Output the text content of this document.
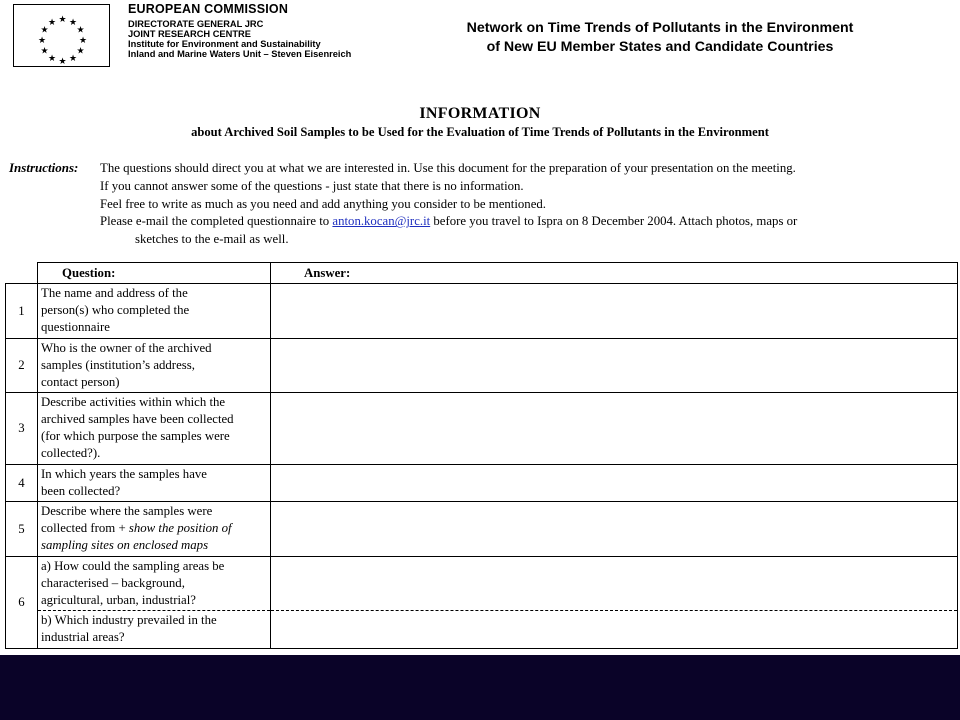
★ ★
★
★
★
★
★
★
★
★
★
★
EUROPEAN COMMISSION
DIRECTORATE GENERAL JRC
JOINT RESEARCH CENTRE
Institute for Environment and Sustainability
Inland and Marine Waters Unit – Steven Eisenreich
Network on Time Trends of Pollutants in the Environment
of New EU Member States and Candidate Countries
INFORMATION
about Archived Soil Samples to be Used for the Evaluation of Time Trends of Pollutants in the Environment
Instructions: The questions should direct you at what we are interested in. Use this document for the preparation of your presentation on the meeting.
If you cannot answer some of the questions - just state that there is no information.
Feel free to write as much as you need and add anything you consider to be mentioned.
Please e-mail the completed questionnaire to anton.kocan@jrc.it before you travel to Ispra on 8 December 2004. Attach photos, maps or
sketches to the e-mail as well.
	Question:	Answer:
1	The name and address of the
person(s) who completed the
questionnaire	

2	Who is the owner of the archived
samples (institution’s address,
contact person)	

3	Describe activities within which the
archived samples have been collected
(for which purpose the samples were
collected?).	

4	In which years the samples have
been collected?	

5	Describe where the samples were
collected from + show the position of
sampling sites on enclosed maps	

6	a) How could the sampling areas be
characterised – background,
agricultural, urban, industrial?	

	b) Which industry prevailed in the
industrial areas?	
